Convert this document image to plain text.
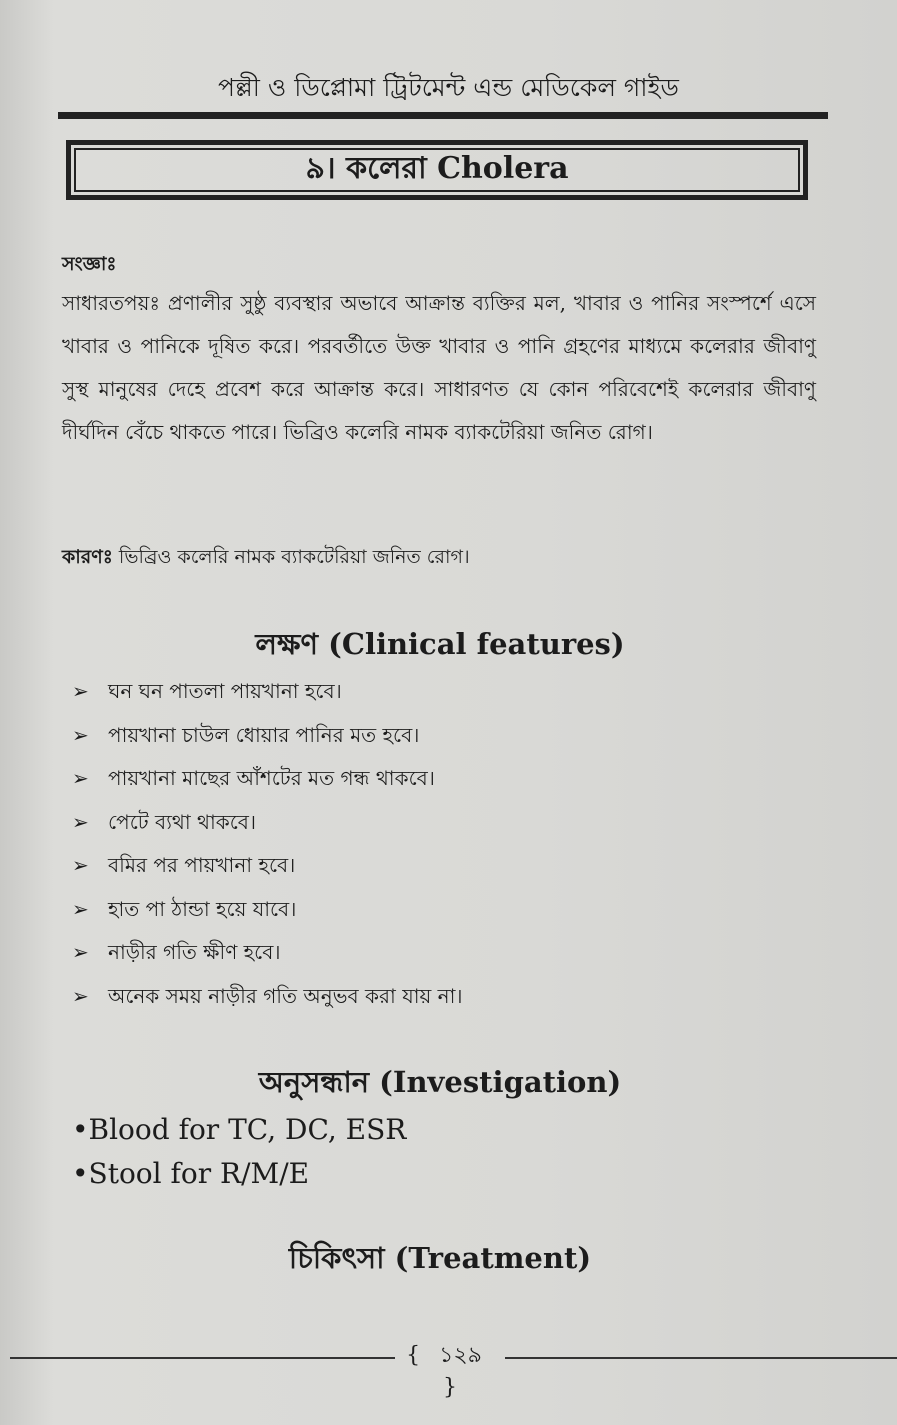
পল্লী ও ডিপ্লোমা ট্রিটমেন্ট এন্ড মেডিকেল গাইড
৯। কলেরা Cholera
সংজ্ঞাঃ
সাধারতপয়ঃ প্রণালীর সুষ্ঠু ব্যবস্থার অভাবে আক্রান্ত ব্যক্তির মল, খাবার ও পানির সংস্পর্শে এসে খাবার ও পানিকে দূষিত করে। পরবর্তীতে উক্ত খাবার ও পানি গ্রহণের মাধ্যমে কলেরার জীবাণু সুস্থ মানুষের দেহে প্রবেশ করে আক্রান্ত করে। সাধারণত যে কোন পরিবেশেই কলেরার জীবাণু দীর্ঘদিন বেঁচে থাকতে পারে। ভিব্রিও কলেরি নামক ব্যাকটেরিয়া জনিত রোগ।
কারণঃ ভিব্রিও কলেরি নামক ব্যাকটেরিয়া জনিত রোগ।
লক্ষণ (Clinical features)
➢ ঘন ঘন পাতলা পায়খানা হবে।
➢ পায়খানা চাউল ধোয়ার পানির মত হবে।
➢ পায়খানা মাছের আঁশটের মত গন্ধ থাকবে।
➢ পেটে ব্যথা থাকবে।
➢ বমির পর পায়খানা হবে।
➢ হাত পা ঠান্ডা হয়ে যাবে।
➢ নাড়ীর গতি ক্ষীণ হবে।
➢ অনেক সময় নাড়ীর গতি অনুভব করা যায় না।
অনুসন্ধান (Investigation)
•Blood for TC, DC, ESR
•Stool for R/M/E
চিকিৎসা (Treatment)
{ ১২৯ }
